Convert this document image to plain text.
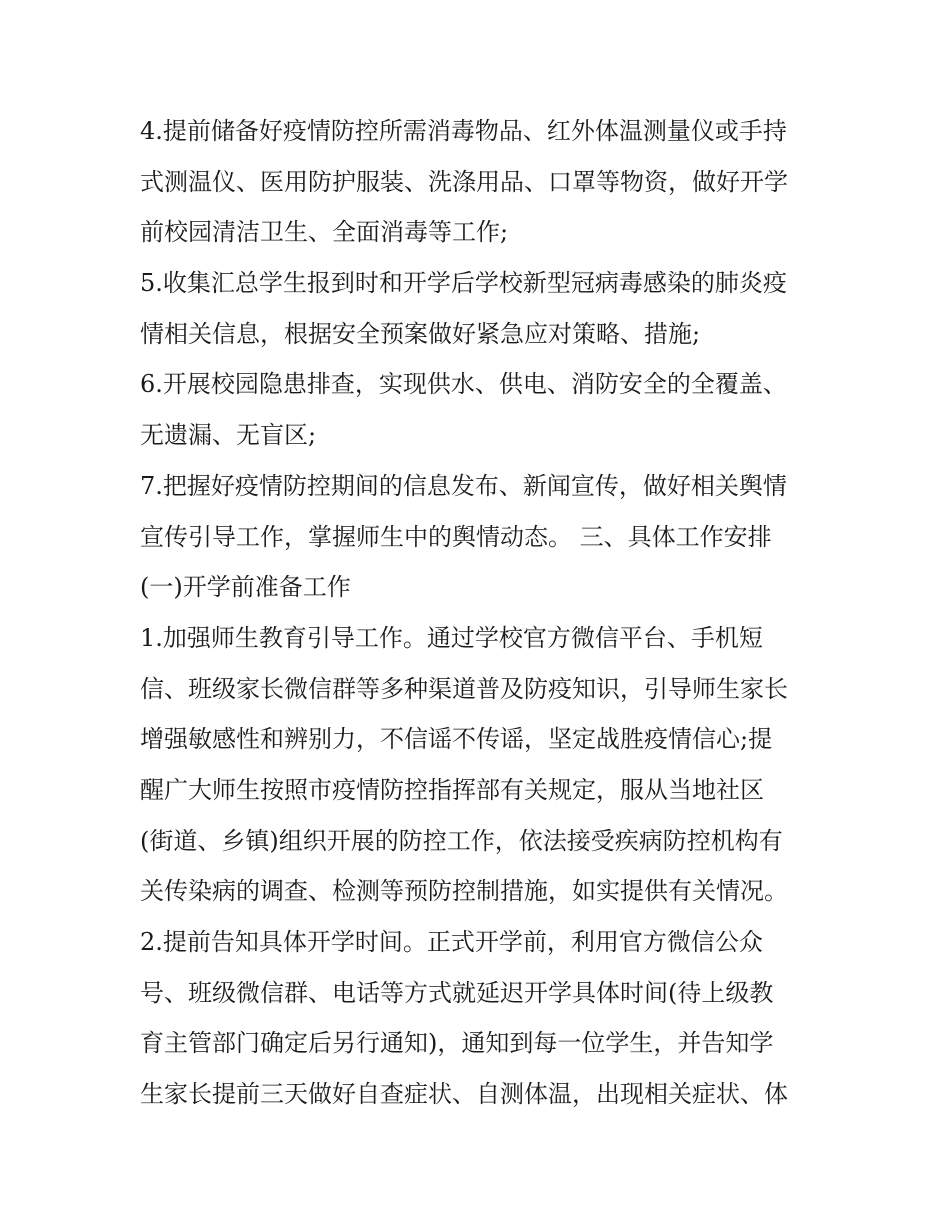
4.提前储备好疫情防控所需消毒物品、红外体温测量仪或手持
式测温仪、医用防护服装、洗涤用品、口罩等物资，做好开学
前校园清洁卫生、全面消毒等工作;
5.收集汇总学生报到时和开学后学校新型冠病毒感染的肺炎疫
情相关信息，根据安全预案做好紧急应对策略、措施;
6.开展校园隐患排查，实现供水、供电、消防安全的全覆盖、
无遗漏、无盲区;
7.把握好疫情防控期间的信息发布、新闻宣传，做好相关舆情
宣传引导工作，掌握师生中的舆情动态。 三、具体工作安排
(一)开学前准备工作
1.加强师生教育引导工作。通过学校官方微信平台、手机短
信、班级家长微信群等多种渠道普及防疫知识，引导师生家长
增强敏感性和辨别力，不信谣不传谣，坚定战胜疫情信心;提
醒广大师生按照市疫情防控指挥部有关规定，服从当地社区
(街道、乡镇)组织开展的防控工作，依法接受疾病防控机构有
关传染病的调查、检测等预防控制措施，如实提供有关情况。
2.提前告知具体开学时间。正式开学前，利用官方微信公众
号、班级微信群、电话等方式就延迟开学具体时间(待上级教
育主管部门确定后另行通知)，通知到每一位学生，并告知学
生家长提前三天做好自查症状、自测体温，出现相关症状、体
